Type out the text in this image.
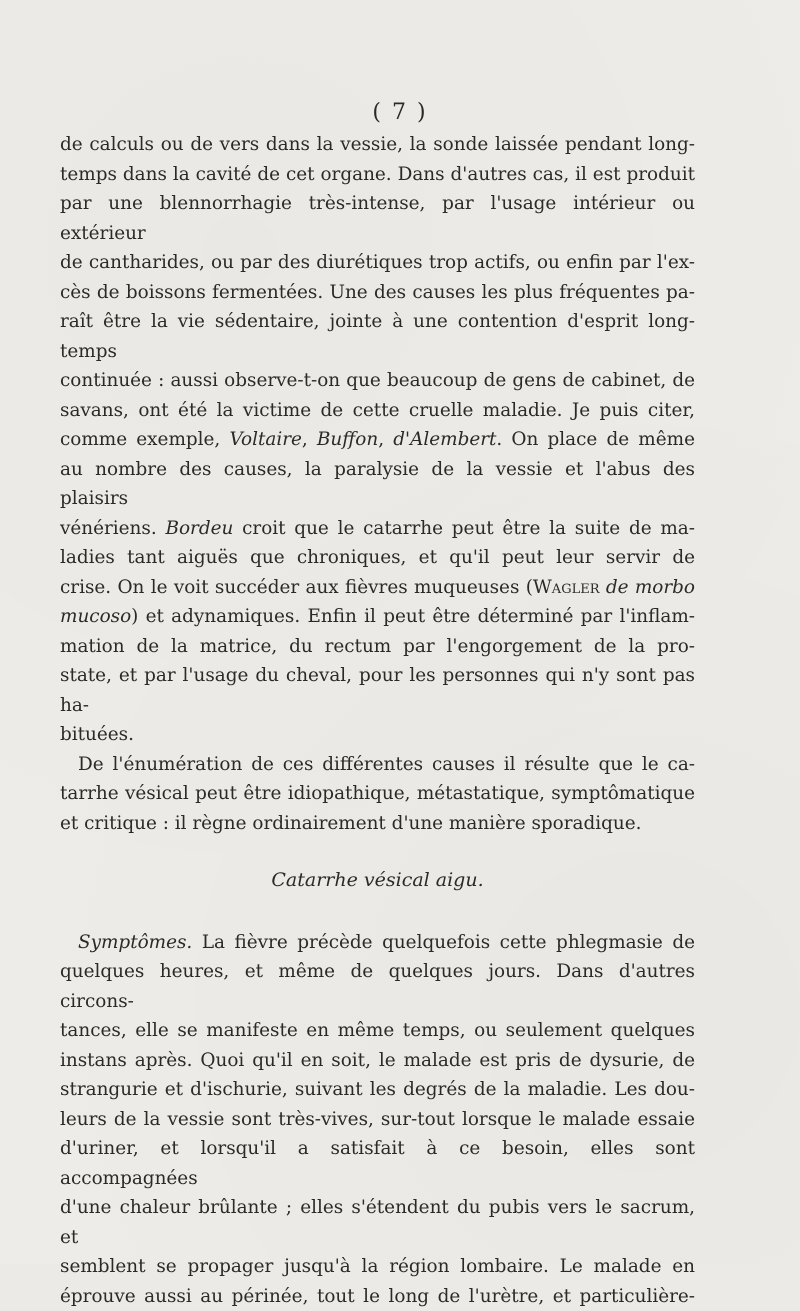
( 7 )

de calculs ou de vers dans la vessie, la sonde laissée pendant long-

temps dans la cavité de cet organe. Dans d'autres cas, il est produit

par une blennorrhagie très-intense, par l'usage intérieur ou extérieur

de cantharides, ou par des diurétiques trop actifs, ou enfin par l'ex-

cès de boissons fermentées. Une des causes les plus fréquentes pa-

raît être la vie sédentaire, jointe à une contention d'esprit long-temps

continuée : aussi observe-t-on que beaucoup de gens de cabinet, de

savans, ont été la victime de cette cruelle maladie. Je puis citer,

comme exemple, Voltaire, Buffon, d'Alembert. On place de même

au nombre des causes, la paralysie de la vessie et l'abus des plaisirs

vénériens. Bordeu croit que le catarrhe peut être la suite de ma-

ladies tant aiguës que chroniques, et qu'il peut leur servir de

crise. On le voit succéder aux fièvres muqueuses (Wagler de morbo

mucoso) et adynamiques. Enfin il peut être déterminé par l'inflam-

mation de la matrice, du rectum par l'engorgement de la pro-

state, et par l'usage du cheval, pour les personnes qui n'y sont pas ha-

bituées.

De l'énumération de ces différentes causes il résulte que le ca-

tarrhe vésical peut être idiopathique, métastatique, symptômatique

et critique : il règne ordinairement d'une manière sporadique.

Catarrhe vésical aigu.

Symptômes. La fièvre précède quelquefois cette phlegmasie de

quelques heures, et même de quelques jours. Dans d'autres circons-

tances, elle se manifeste en même temps, ou seulement quelques

instans après. Quoi qu'il en soit, le malade est pris de dysurie, de

strangurie et d'ischurie, suivant les degrés de la maladie. Les dou-

leurs de la vessie sont très-vives, sur-tout lorsque le malade essaie

d'uriner, et lorsqu'il a satisfait à ce besoin, elles sont accompagnées

d'une chaleur brûlante ; elles s'étendent du pubis vers le sacrum, et

semblent se propager jusqu'à la région lombaire. Le malade en

éprouve aussi au périnée, tout le long de l'urètre, et particulière-
